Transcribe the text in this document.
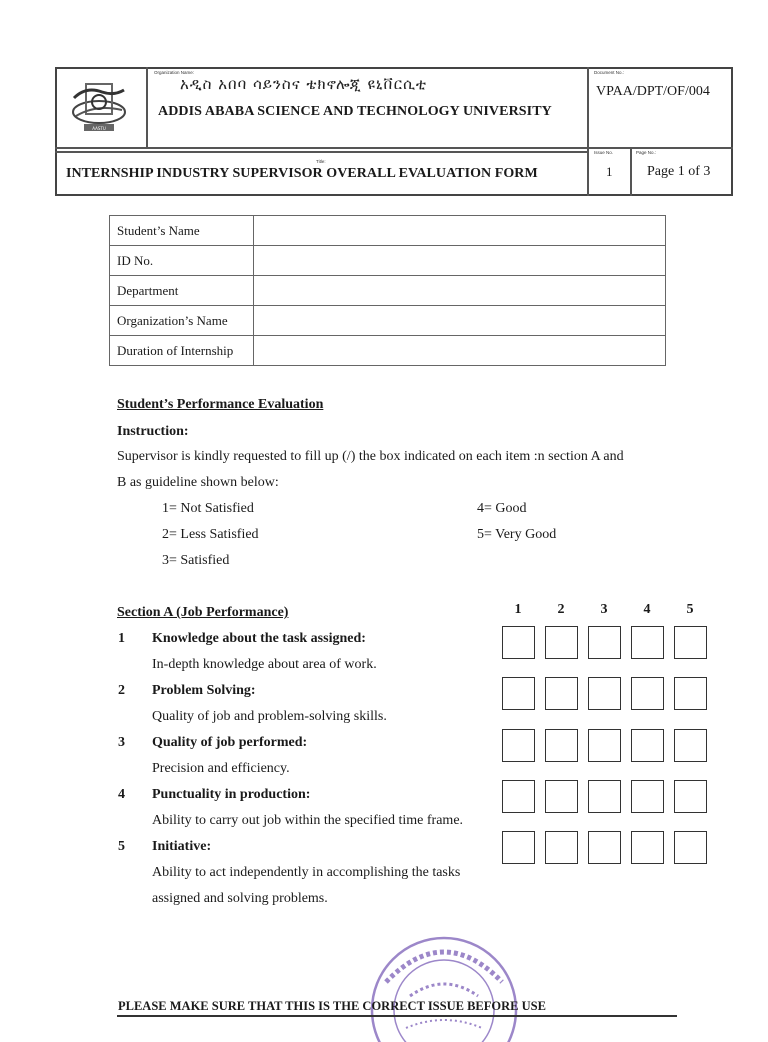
AASTU
Organization Name:
አዲስ አበባ ሳይንስና ቴክኖሎጂ ዩኒቨርሲቲ
ADDIS ABABA SCIENCE AND TECHNOLOGY UNIVERSITY
Document No.:
VPAA/DPT/OF/004
Title:
INTERNSHIP INDUSTRY SUPERVISOR OVERALL EVALUATION FORM
Issue No.
1
Page No.:
Page 1 of 3
Student’s Name	
ID No.	
Department	
Organization’s Name	
Duration of Internship	
Student’s Performance Evaluation
Instruction:
Supervisor is kindly requested to fill up (/) the box indicated on each item :n section A and
B as guideline shown below:
1= Not Satisfied
2= Less Satisfied
3= Satisfied
4= Good
5= Very Good
Section A (Job Performance)	1	2	3	4	5
1 Knowledge about the task assigned:
In-depth knowledge about area of work.
2 Problem Solving:
Quality of job and problem-solving skills.
3 Quality of job performed:
Precision and efficiency.
4 Punctuality in production:
Ability to carry out job within the specified time frame.
5 Initiative:
Ability to act independently in accomplishing the tasks
assigned and solving problems.
PLEASE MAKE SURE THAT THIS IS THE CORRECT ISSUE BEFORE USE
